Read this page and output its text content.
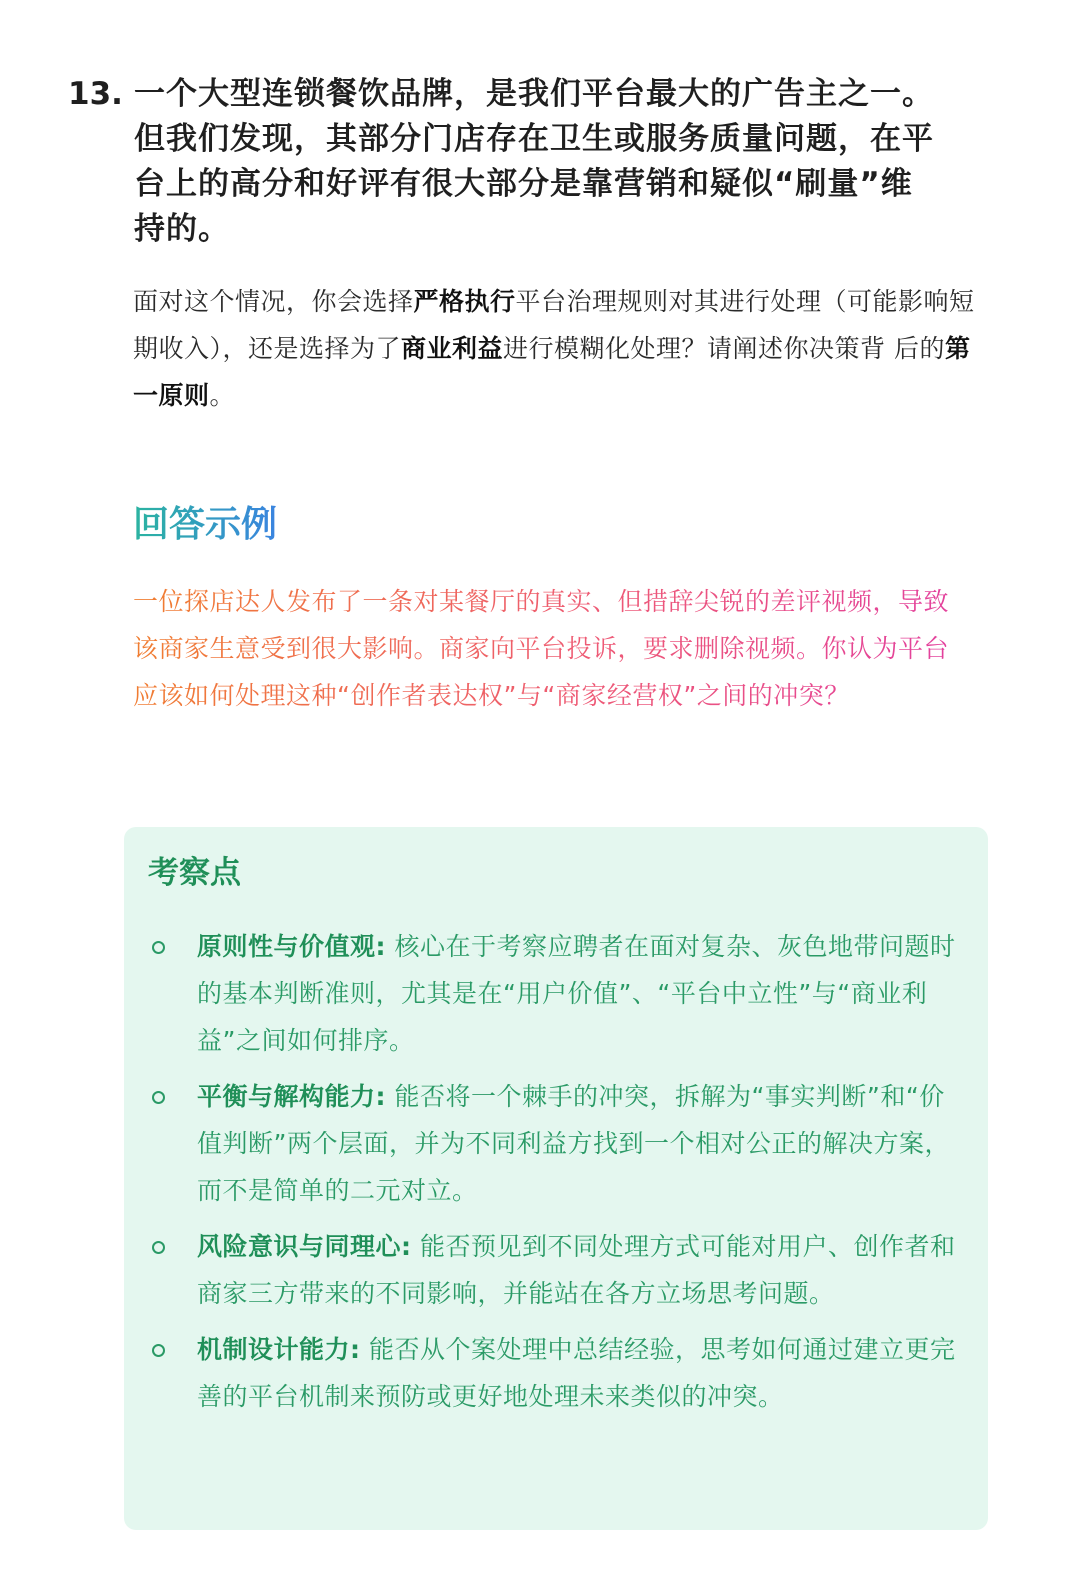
13. 一个大型连锁餐饮品牌，是我们平台最大的广告主之一。但我们发现，其部分门店存在卫生或服务质量问题，在平台上的高分和好评有很大部分是靠营销和疑似“刷量”维持的。
面对这个情况，你会选择严格执行平台治理规则对其进行处理（可能影响短期收入），还是选择为了商业利益进行模糊化处理？请阐述你决策背 后的第一原则。
回答示例
一位探店达人发布了一条对某餐厅的真实、但措辞尖锐的差评视频，导致该商家生意受到很大影响。商家向平台投诉，要求删除视频。你认为平台应该如何处理这种“创作者表达权”与“商家经营权”之间的冲突？
考察点
原则性与价值观: 核心在于考察应聘者在面对复杂、灰色地带问题时的基本判断准则，尤其是在“用户价值”、“平台中立性”与“商业利益”之间如何排序。
平衡与解构能力: 能否将一个棘手的冲突，拆解为“事实判断”和“价值判断”两个层面，并为不同利益方找到一个相对公正的解决方案，而不是简单的二元对立。
风险意识与同理心: 能否预见到不同处理方式可能对用户、创作者和商家三方带来的不同影响，并能站在各方立场思考问题。
机制设计能力: 能否从个案处理中总结经验，思考如何通过建立更完善的平台机制来预防或更好地处理未来类似的冲突。
